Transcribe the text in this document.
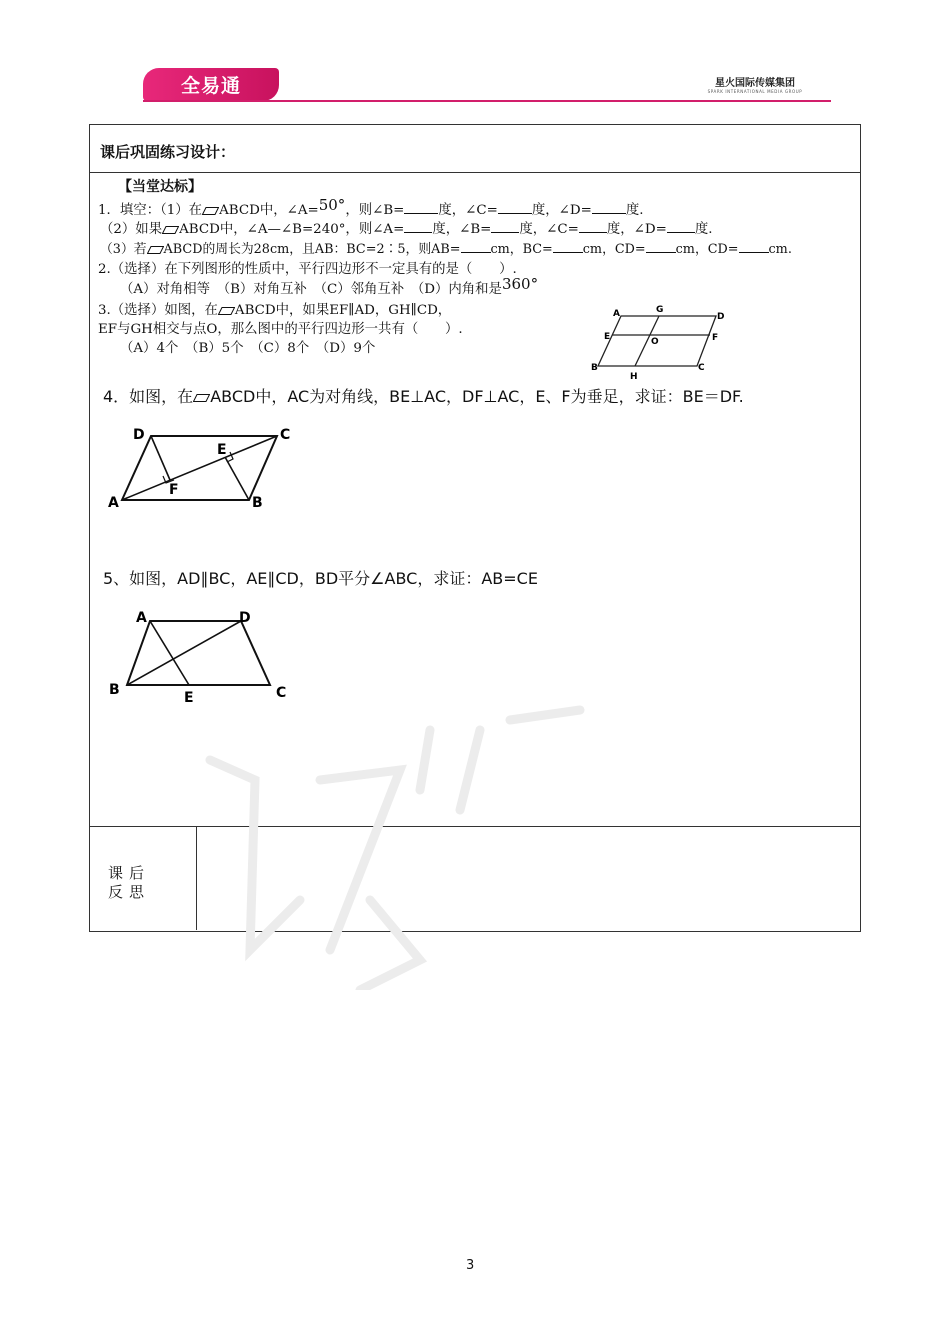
全易通	星火国际传媒集团
SPARK INTERNATIONAL MEDIA GROUP
课后巩固练习设计：
【当堂达标】
1．填空：（1）在 ABCD中，∠A=50°，则∠B=	度，∠C=	度，∠D=	度.
（2）如果 ABCD中，∠A—∠B=240°，则∠A= 度，∠B= 度，∠C= 度，∠D= 度.
（3）若 ABCD的周长为28cm，且AB：BC=2∶5，则AB= cm，BC= cm，CD= cm，CD= cm.
2.（选择）在下列图形的性质中，平行四边形不一定具有的是（　　）.
（A）对角相等　（B）对角互补　（C）邻角互补　（D）内角和是360°
3.（选择）如图，在 ABCD中，如果EF∥AD，GH∥CD，
EF与GH相交与点O，那么图中的平行四边形一共有（　　）.
（A）4个　（B）5个　（C）8个　（D）9个
A	G
D
E	O	F
B
H
C
4．如图，在 ABCD中，AC为对角线，BE⊥AC，DF⊥AC，E、F为垂足，求证：BE＝DF.
D	C
E
F
A	B
5、如图，AD∥BC，AE∥CD，BD平分∠ABC，求证：AB=CE
A	D
B	E	C
课后
反思
3
